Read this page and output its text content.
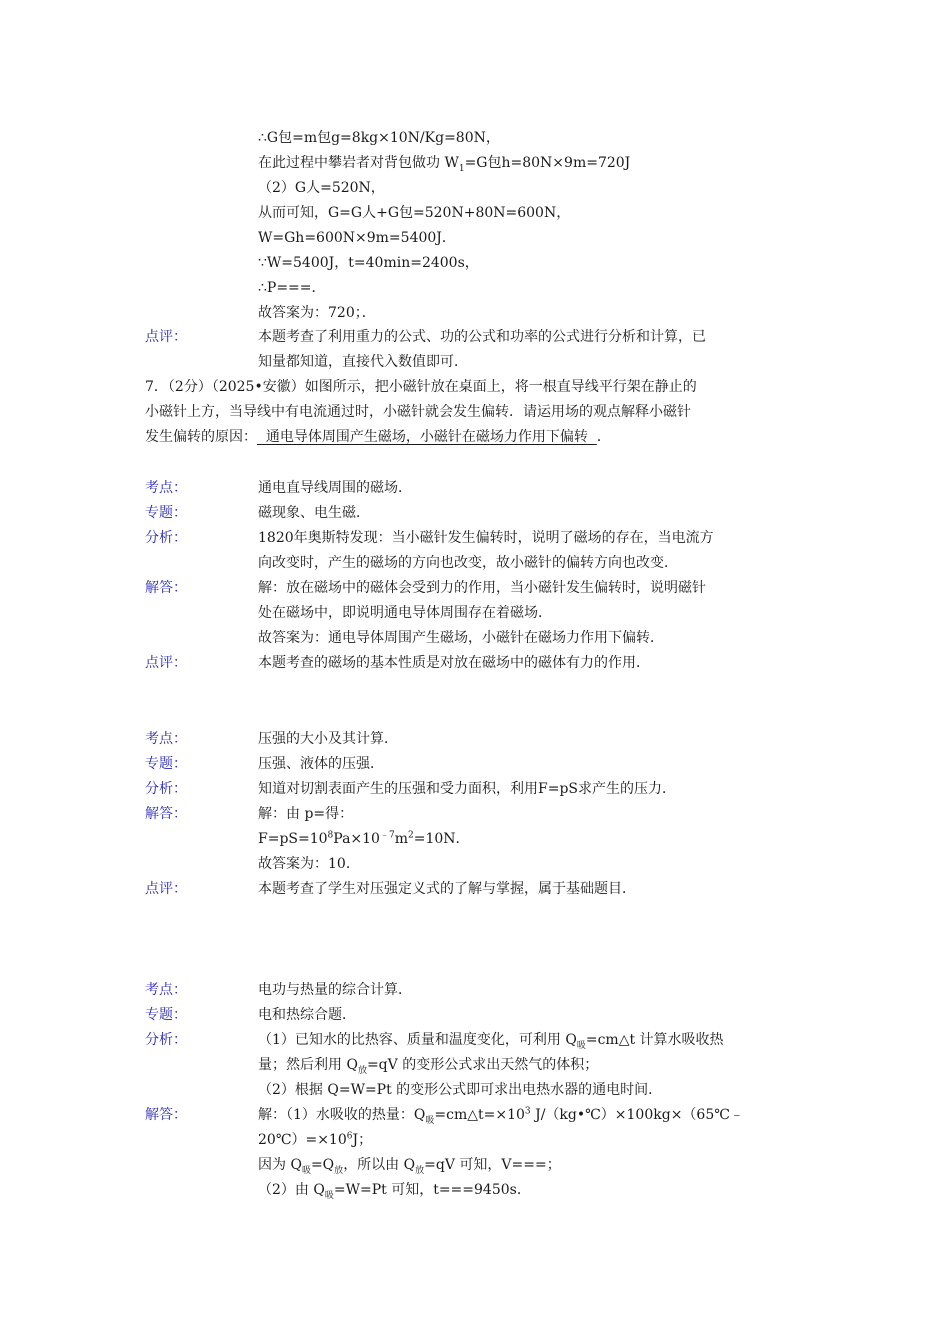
∴G包=m包g=8kg×10N/Kg=80N，
在此过程中攀岩者对背包做功 $W_1=G$包h=80N×9m=720J
（2）G人=520N，
从而可知，G=G人+G包=520N+80N=600N，
W=Gh=600N×9m=5400J．
∵W=5400J，t=40min=2400s，
∴P===．
故答案为：720；．
点评：	本题考查了利用重力的公式、功的公式和功率的公式进行分析和计算，已
知量都知道，直接代入数值即可．
7．（2分）（2025•安徽）如图所示，把小磁针放在桌面上，将一根直导线平行架在静止的
小磁针上方，当导线中有电流通过时，小磁针就会发生偏转．请运用场的观点解释小磁针
发生偏转的原因：  通电导体周围产生磁场，小磁针在磁场力作用下偏转  ．
考点：	通电直导线周围的磁场．
专题：	磁现象、电生磁．
分析：	1820年奥斯特发现：当小磁针发生偏转时，说明了磁场的存在，当电流方
向改变时，产生的磁场的方向也改变，故小磁针的偏转方向也改变．
解答：	解：放在磁场中的磁体会受到力的作用，当小磁针发生偏转时，说明磁针
处在磁场中，即说明通电导体周围存在着磁场．
故答案为：通电导体周围产生磁场，小磁针在磁场力作用下偏转．
点评：	本题考查的磁场的基本性质是对放在磁场中的磁体有力的作用．
考点：	压强的大小及其计算．
专题：	压强、液体的压强．
分析：	知道对切割表面产生的压强和受力面积，利用F=pS求产生的压力．
解答：	解：由 p=得：
$F=pS=10^8Pa\times 10^{﹣7}m^2=10N$．
故答案为：10．
点评：	本题考查了学生对压强定义式的了解与掌握，属于基础题目．
考点：	电功与热量的综合计算．
专题：	电和热综合题．
分析：	（1）已知水的比热容、质量和温度变化，可利用 $Q_吸=cm\triangle t$ 计算水吸收热
量；然后利用 $Q_放=qV$ 的变形公式求出天然气的体积；
（2）根据 Q=W=Pt 的变形公式即可求出电热水器的通电时间．
解答：	解：（1）水吸收的热量：$Q_吸=cm\triangle t=\times 10^3$ J/（kg•℃）×100kg×（65℃﹣
$20℃)=\times 10^6J$；
因为 $Q_吸=Q_放$，所以由 $Q_放=qV$ 可知，V===；
（2）由 $Q_吸=W=Pt$ 可知，t===9450s．
